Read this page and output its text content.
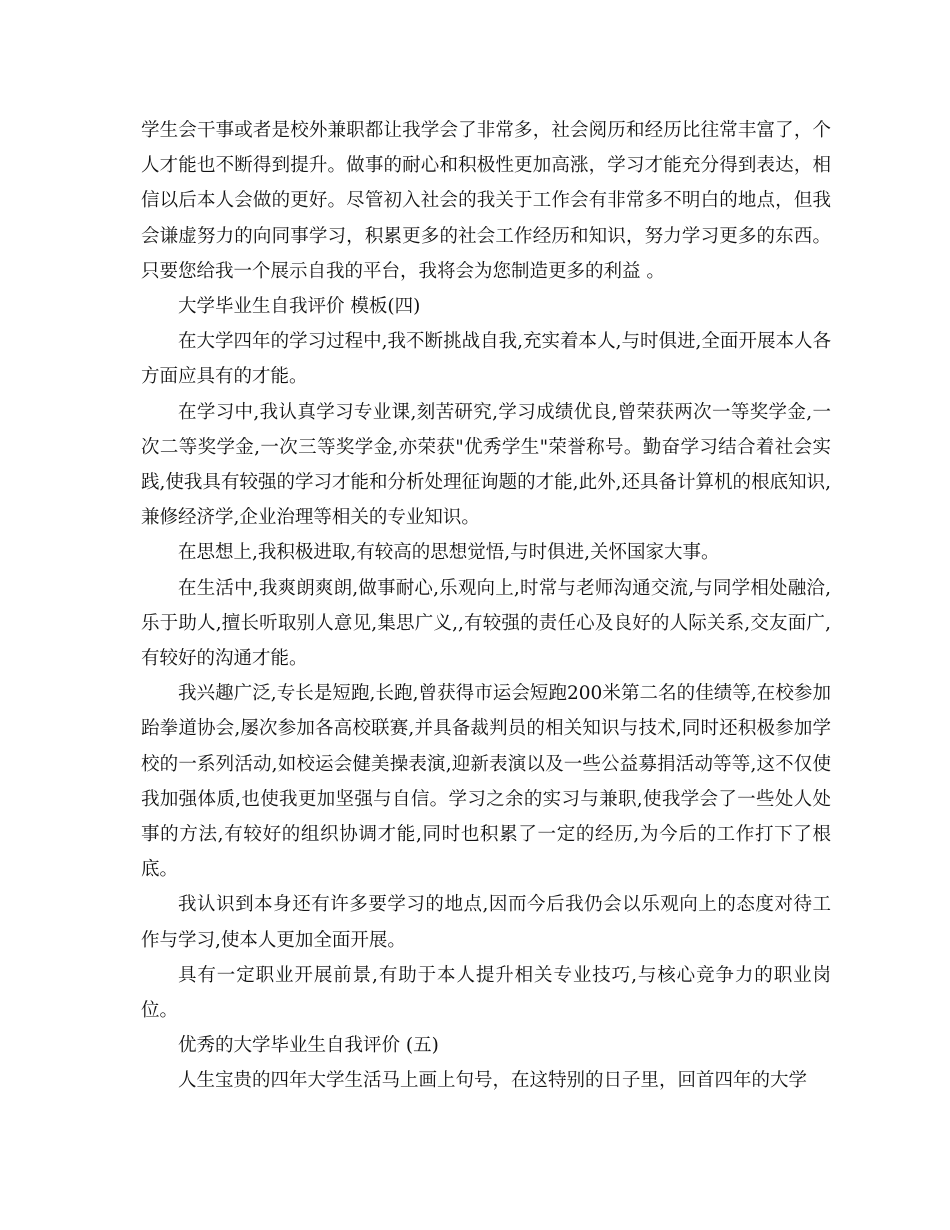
学生会干事或者是校外兼职都让我学会了非常多，社会阅历和经历比往常丰富了，个人才能也不断得到提升。做事的耐心和积极性更加高涨，学习才能充分得到表达，相信以后本人会做的更好。尽管初入社会的我关于工作会有非常多不明白的地点，但我会谦虚努力的向同事学习，积累更多的社会工作经历和知识，努力学习更多的东西。只要您给我一个展示自我的平台，我将会为您制造更多的利益 。

大学毕业生自我评价 模板(四)

在大学四年的学习过程中,我不断挑战自我,充实着本人,与时俱进,全面开展本人各方面应具有的才能。

在学习中,我认真学习专业课,刻苦研究,学习成绩优良,曾荣获两次一等奖学金,一次二等奖学金,一次三等奖学金,亦荣获"优秀学生"荣誉称号。勤奋学习结合着社会实践,使我具有较强的学习才能和分析处理征询题的才能,此外,还具备计算机的根底知识,兼修经济学,企业治理等相关的专业知识。

在思想上,我积极进取,有较高的思想觉悟,与时俱进,关怀国家大事。

在生活中,我爽朗爽朗,做事耐心,乐观向上,时常与老师沟通交流,与同学相处融洽,乐于助人,擅长听取别人意见,集思广义,,有较强的责任心及良好的人际关系,交友面广,有较好的沟通才能。

我兴趣广泛,专长是短跑,长跑,曾获得市运会短跑200米第二名的佳绩等,在校参加跆拳道协会,屡次参加各高校联赛,并具备裁判员的相关知识与技术,同时还积极参加学校的一系列活动,如校运会健美操表演,迎新表演以及一些公益募捐活动等等,这不仅使我加强体质,也使我更加坚强与自信。学习之余的实习与兼职,使我学会了一些处人处事的方法,有较好的组织协调才能,同时也积累了一定的经历,为今后的工作打下了根底。

我认识到本身还有许多要学习的地点,因而今后我仍会以乐观向上的态度对待工作与学习,使本人更加全面开展。

具有一定职业开展前景,有助于本人提升相关专业技巧,与核心竞争力的职业岗位。

优秀的大学毕业生自我评价 (五)

人生宝贵的四年大学生活马上画上句号，在这特别的日子里，回首四年的大学
